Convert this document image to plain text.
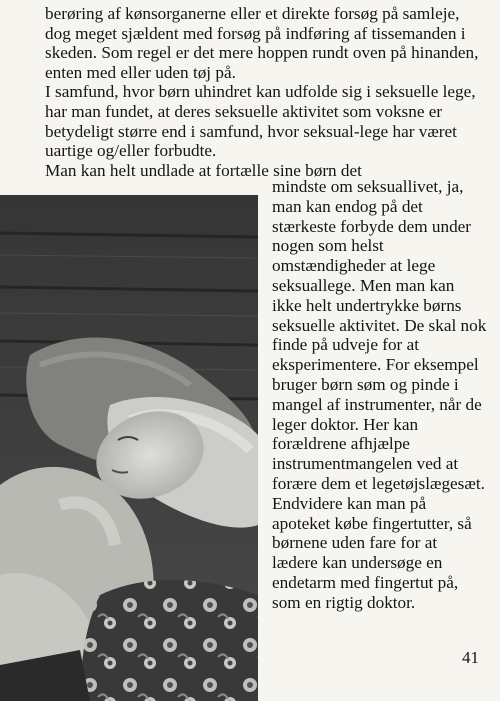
berøring af kønsorganerne eller et direkte forsøg på samleje, dog meget sjældent med forsøg på indføring af tissemanden i skeden. Som regel er det mere hoppen rundt oven på hinanden, enten med eller uden tøj på.

I samfund, hvor børn uhindret kan udfolde sig i seksuelle lege, har man fundet, at deres seksuelle aktivitet som voksne er betydeligt større end i samfund, hvor seksual-lege har været uartige og/eller forbudte.

Man kan helt undlade at fortælle sine børn det

mindste om seksuallivet, ja, man kan endog på det stærkeste forbyde dem under nogen som helst omstændigheder at lege seksuallege. Men man kan ikke helt undertrykke børns seksuelle aktivitet. De skal nok finde på udveje for at eksperimentere. For eksempel bruger børn søm og pinde i mangel af instrumenter, når de leger doktor. Her kan forældrene afhjælpe instrumentmangelen ved at forære dem et legetøjslægesæt. Endvidere kan man på apoteket købe fingertutter, så børnene uden fare for at lædere kan undersøge en endetarm med fingertut på, som en rigtig doktor.

41
